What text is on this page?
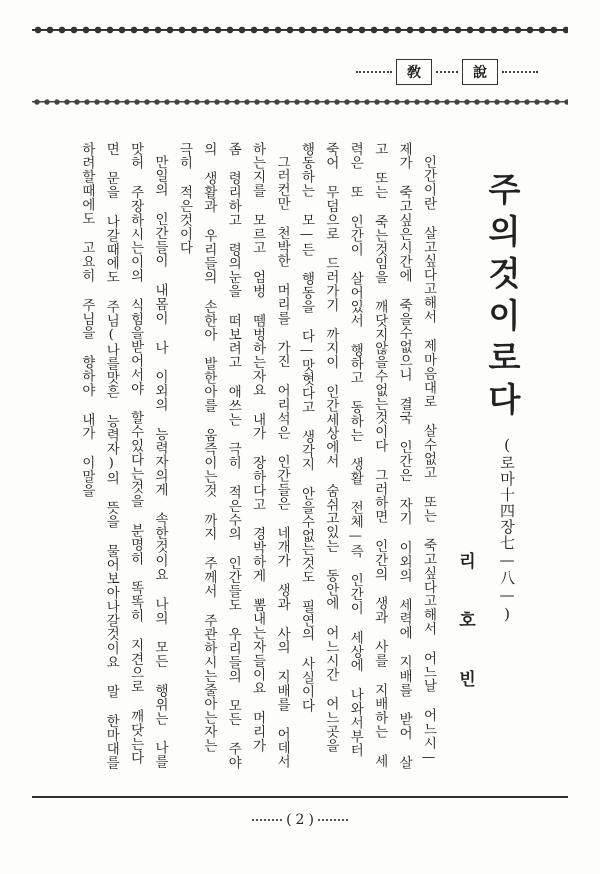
敎	說
주의것이로다
(로마十四장七—八—)
리호빈

인간이란 살고싶다고해서 제마음대로 살수없고 또는 죽고싶다고해서 어느날 어느시—제가 죽고싶은시간에 죽을수없으니 결국 인간은 자기 이외의 세력에 지배를 받어 살고 또는 죽는것임을 깨닷지않을수없는것이다 그러하면 인간의 생과 사를 지배하는 세력은 또 인간이 살어있서 행하고 동하는 생활 전체—즉 인간이 세상에 나와서부터 죽어 무덤으로 드러가기 까지이 인간세상에서 숨쉬고있는 동안에 어느시간 어느곳을 행동하는 모—든 행동을 다—맛혓다고 생각지 안을수없는것도 필연의 사실이다

그러컨만 천박한 머리를 가진 어리석은 인간들은 네개가 생과 사의 지배를 어데서 하는지를 모르고 엄벙 뗌벙하는자요 내가 장하다고 경박하게 뽐내는자들이요 머리가 좀 령리하고 령의눈을 떠보려고 애쓰는 극히 적은수의 인간들도 우리들의 모든 주야의 생활과 우리들의 손한아 발한아를 움즉이는것 까지 주께서 주관하시는줄아는자는 극히 적은것이다

만일의 인간들이 내몸이 나 이외의 능력자의게 속한것이요 나의 모든 행위는 나를 맛허 주장하시는이의 식힘을받어서야 할수있다는것을 분명히 똑똑히 지견으로 깨닷는다면 문을 나갈때에도 주님(나를맛흔 능력자)의 뜻을 물어보아나갈것이요 말 한마대를 하려할때에도 고요히 주님을 향하야 내가 이말을

( 2 )
